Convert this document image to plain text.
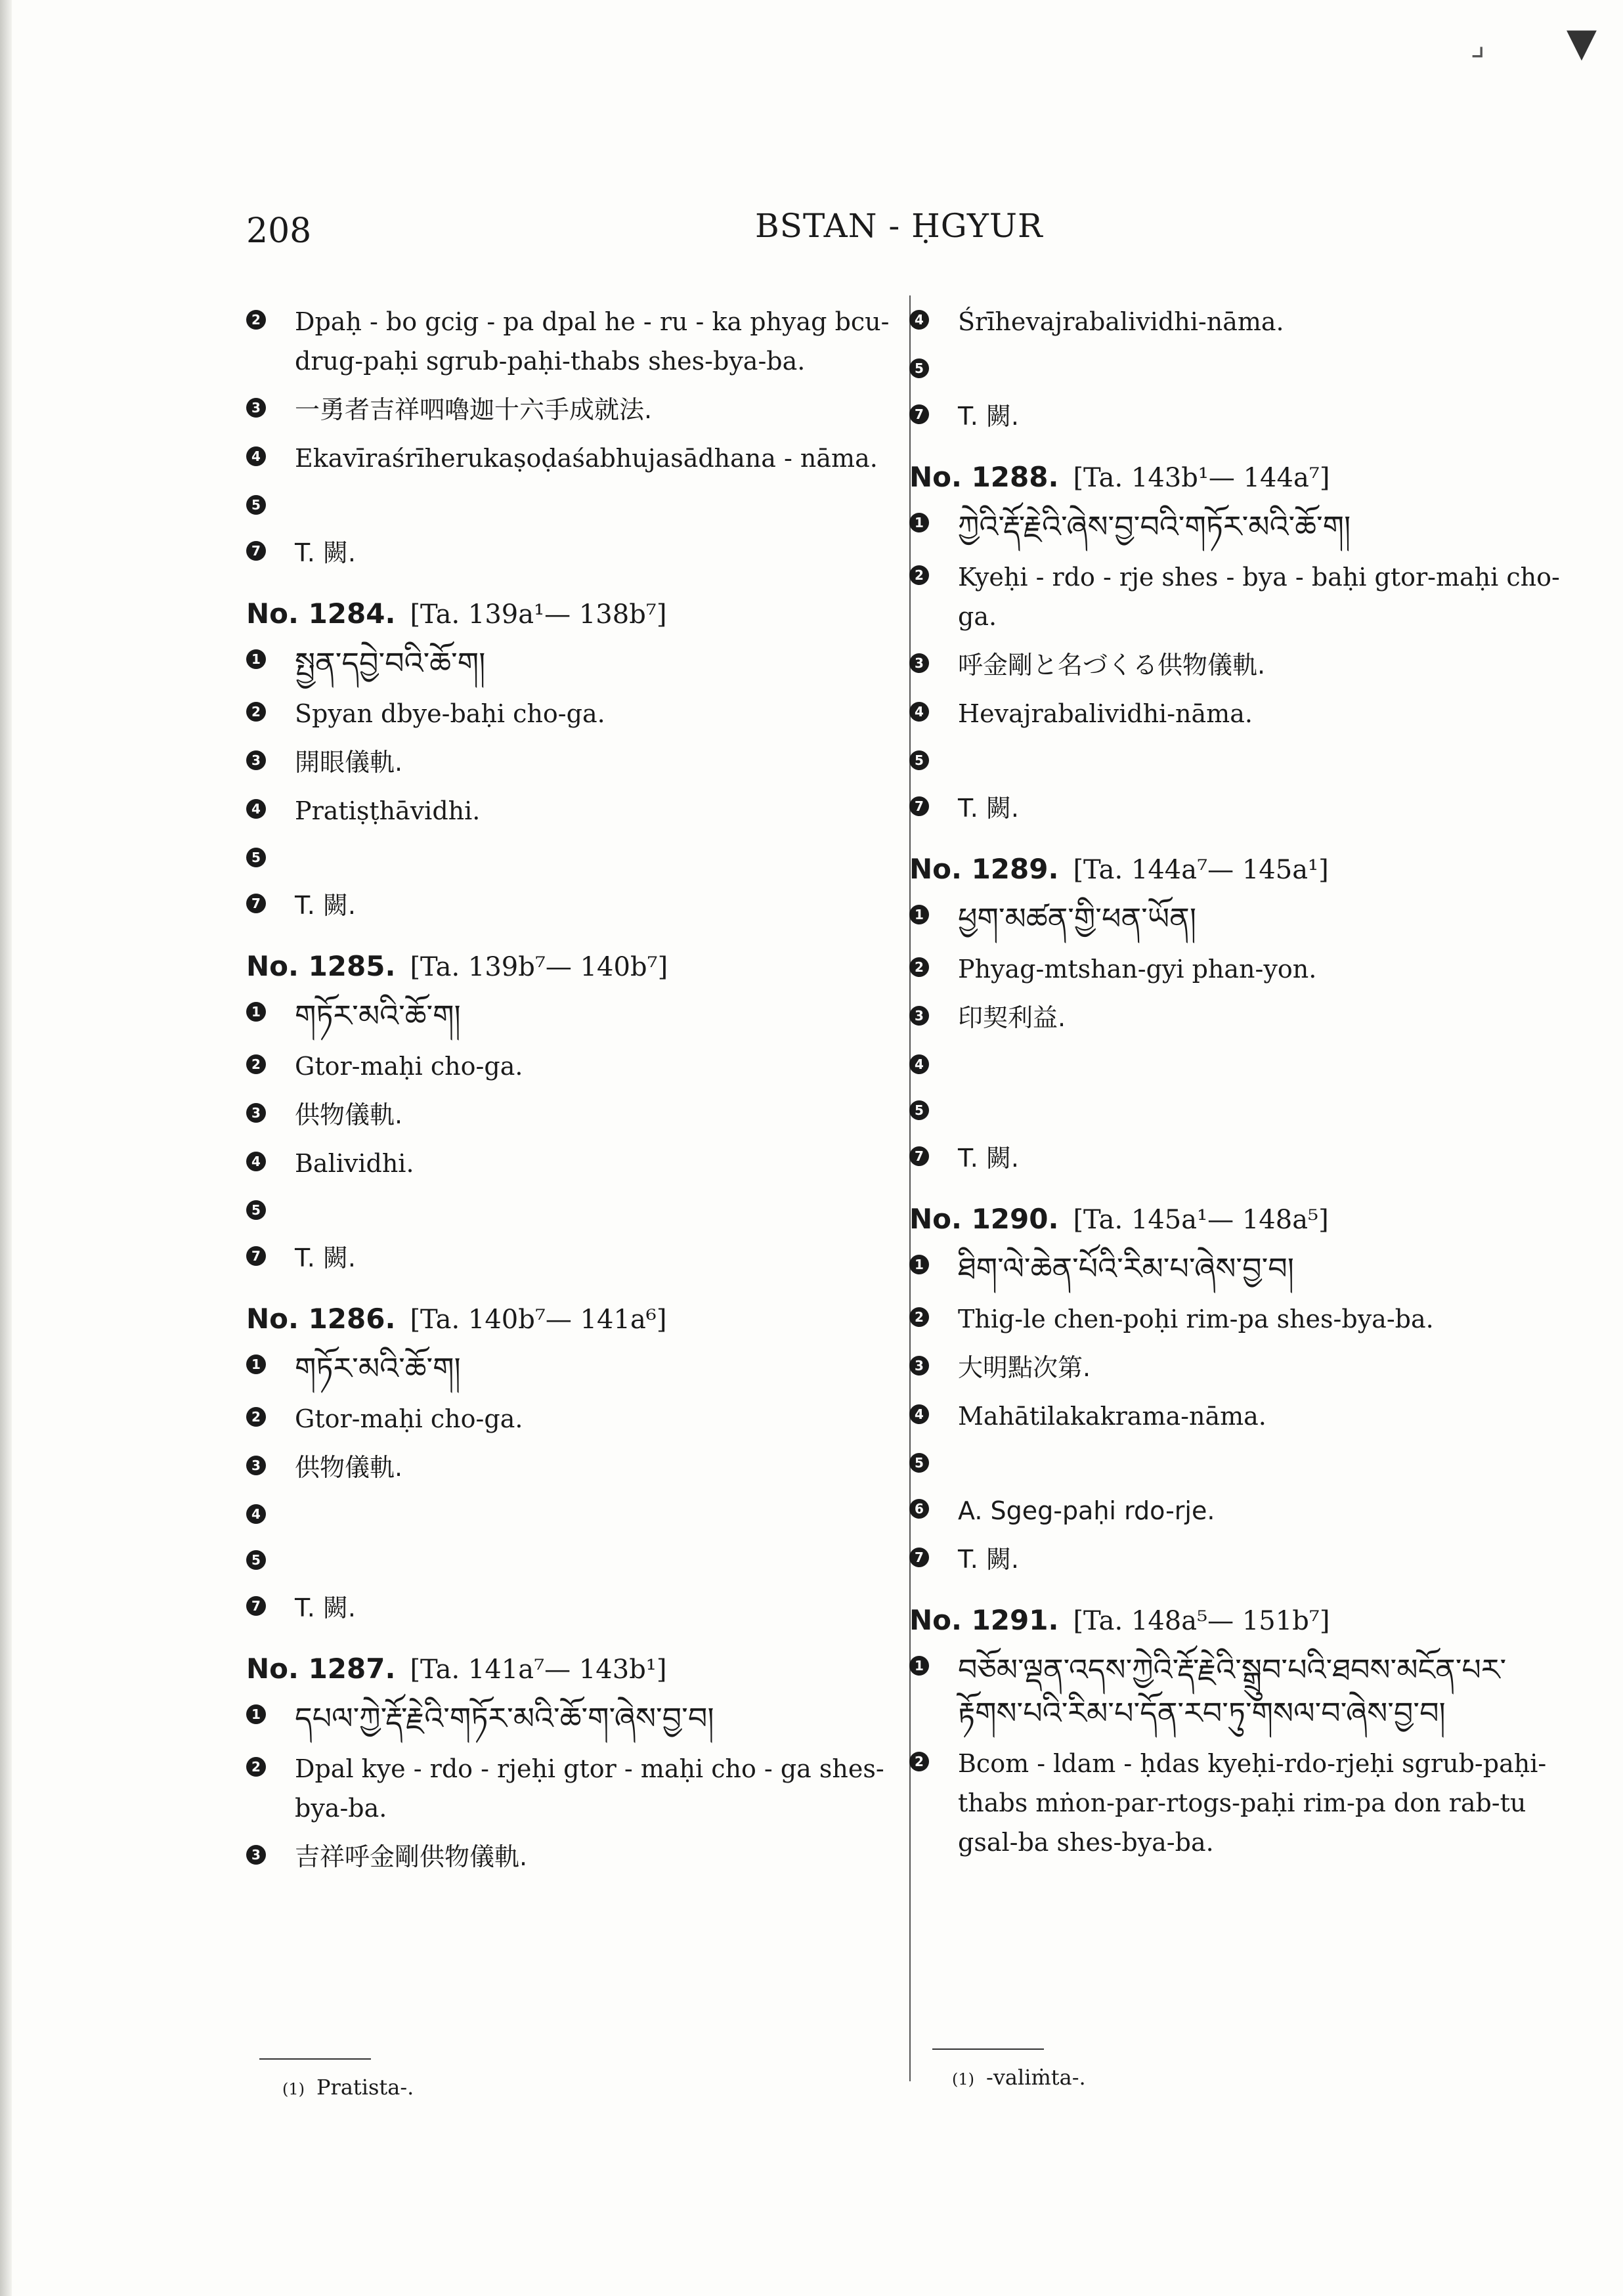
⌟ ▼
208	BSTAN - ḤGYUR
2 Dpaḥ - bo gcig - pa dpal he - ru - ka phyag bcu-drug-paḥi sgrub-paḥi-thabs shes-bya-ba.
3 一勇者吉祥呬嚕迦十六手成就法.
4 Ekavīraśrīherukaṣoḍaśabhujasādhana - nāma.
5
7 T. 闕.
No. 1284. [Ta. 139a¹— 138b⁷]
1 སྤྱན་དབྱེ་བའི་ཆོ་ག།
2 Spyan dbye-baḥi cho-ga.
3 開眼儀軌.
4 Pratiṣṭhāvidhi.
5
7 T. 闕.
No. 1285. [Ta. 139b⁷— 140b⁷]
1 གཏོར་མའི་ཆོ་ག།
2 Gtor-maḥi cho-ga.
3 供物儀軌.
4 Balividhi.
5
7 T. 闕.
No. 1286. [Ta. 140b⁷— 141a⁶]
1 གཏོར་མའི་ཆོ་ག།
2 Gtor-maḥi cho-ga.
3 供物儀軌.
4
5
7 T. 闕.
No. 1287. [Ta. 141a⁷— 143b¹]
1 དཔལ་ཀྱེ་རྡོ་རྗེའི་གཏོར་མའི་ཆོ་ག་ཞེས་བྱ་བ།
2 Dpal kye - rdo - rjeḥi gtor - maḥi cho - ga shes-bya-ba.
3 吉祥呼金剛供物儀軌.
4 Śrīhevajrabalividhi-nāma.
5
7 T. 闕.
No. 1288. [Ta. 143b¹— 144a⁷]
1 ཀྱེའི་རྡོ་རྗེའི་ཞེས་བྱ་བའི་གཏོར་མའི་ཆོ་ག།
2 Kyeḥi - rdo - rje shes - bya - baḥi gtor-maḥi cho-ga.
3 呼金剛と名づくる供物儀軌.
4 Hevajrabalividhi-nāma.
5
7 T. 闕.
No. 1289. [Ta. 144a⁷— 145a¹]
1 ཕྱག་མཚན་གྱི་ཕན་ཡོན།
2 Phyag-mtshan-gyi phan-yon.
3 印契利益.
4
5
7 T. 闕.
No. 1290. [Ta. 145a¹— 148a⁵]
1 ཐིག་ལེ་ཆེན་པོའི་རིམ་པ་ཞེས་བྱ་བ།
2 Thig-le chen-poḥi rim-pa shes-bya-ba.
3 大明點次第.
4 Mahātilakakrama-nāma.
5
6 A. Sgeg-paḥi rdo-rje.
7 T. 闕.
No. 1291. [Ta. 148a⁵— 151b⁷]
1 བཅོམ་ལྡན་འདས་ཀྱེའི་རྡོ་རྗེའི་སྒྲུབ་པའི་ཐབས་མངོན་པར་རྟོགས་པའི་རིམ་པ་དོན་རབ་ཏུ་གསལ་བ་ཞེས་བྱ་བ།
2 Bcom - ldam - ḥdas kyeḥi-rdo-rjeḥi sgrub-paḥi-thabs mṅon-par-rtogs-paḥi rim-pa don rab-tu gsal-ba shes-bya-ba.
(1) Pratista-.	(1) -valiṁta-.
